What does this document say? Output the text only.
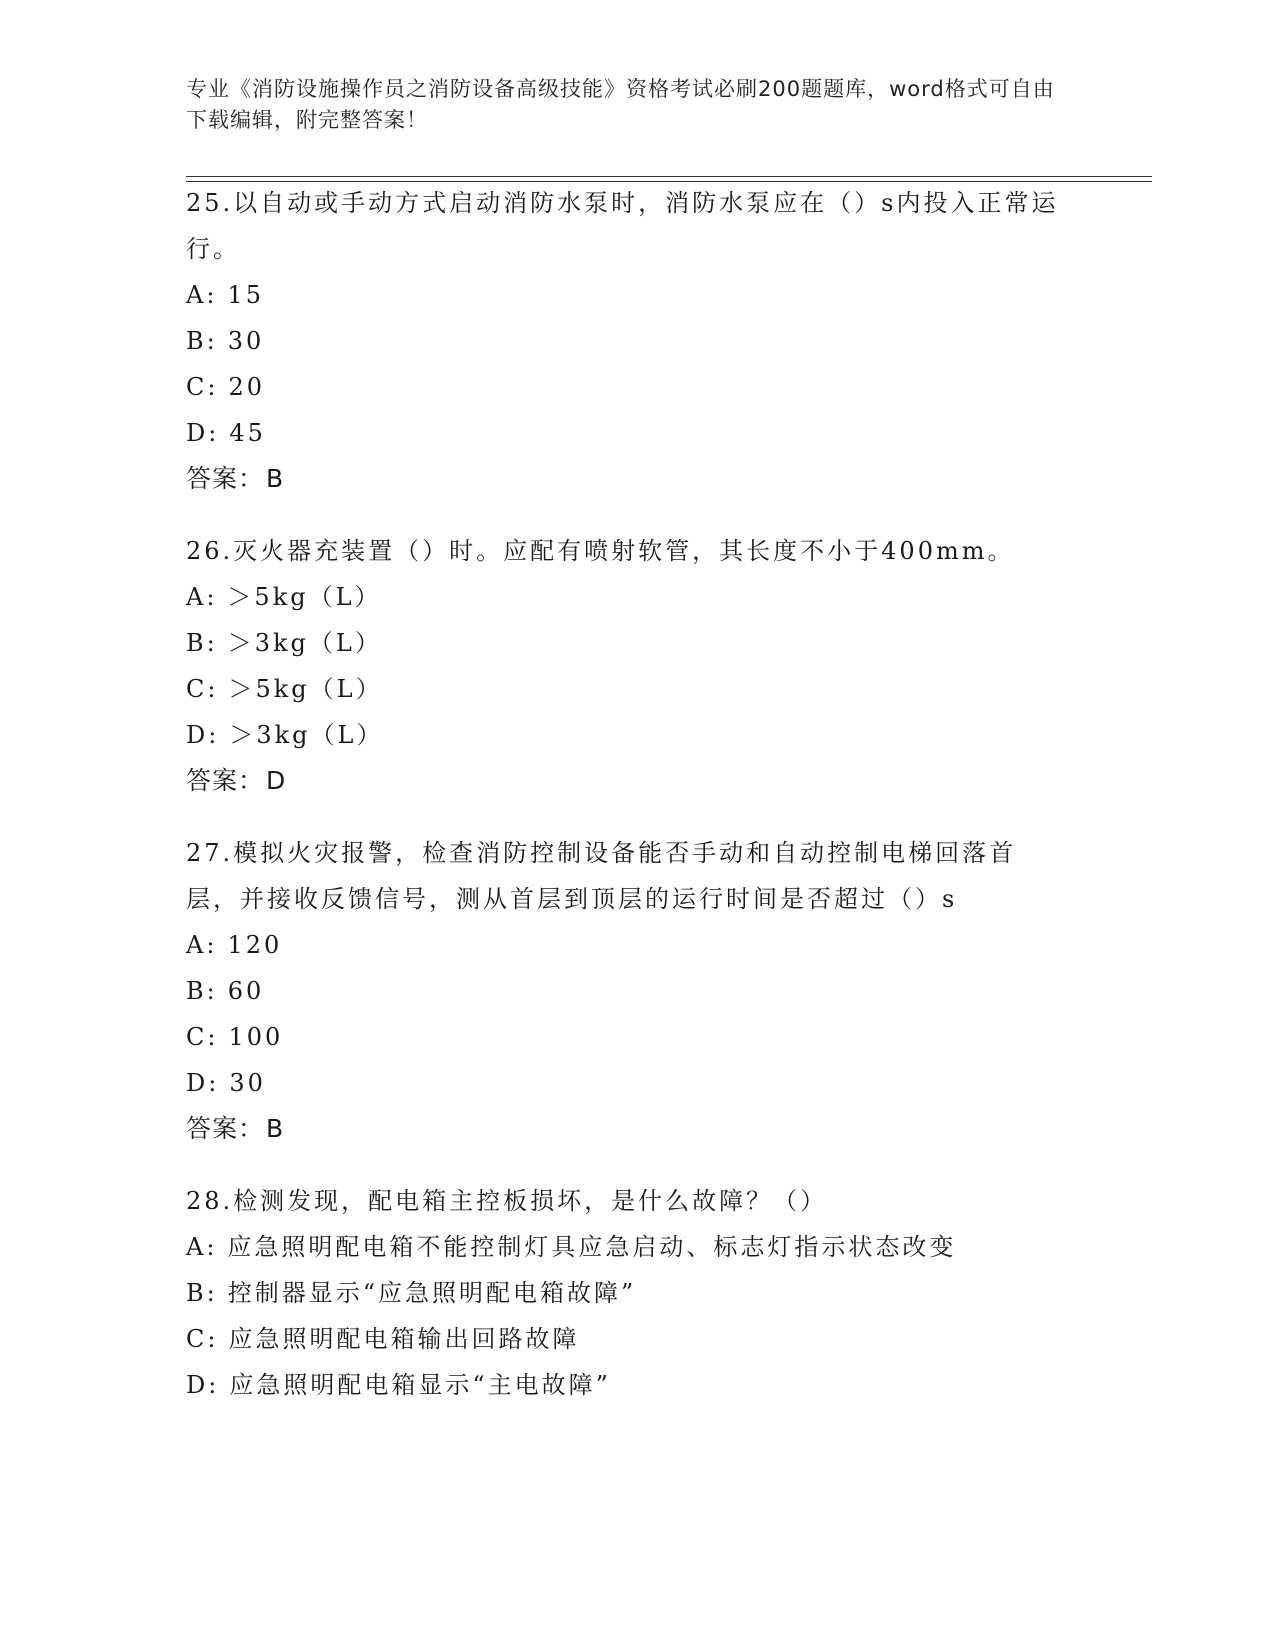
专业《消防设施操作员之消防设备高级技能》资格考试必刷200题题库，word格式可自由下载编辑，附完整答案！

25.以自动或手动方式启动消防水泵时，消防水泵应在（）s内投入正常运行。

A: 15

B: 30

C: 20

D: 45

答案：B

26.灭火器充装置（）时。应配有喷射软管，其长度不小于400mm。

A: ＞5kg（L）

B: ＞3kg（L）

C: ＞5kg（L）

D: ＞3kg（L）

答案：D

27.模拟火灾报警，检查消防控制设备能否手动和自动控制电梯回落首层，并接收反馈信号，测从首层到顶层的运行时间是否超过（）s

A: 120

B: 60

C: 100

D: 30

答案：B

28.检测发现，配电箱主控板损坏，是什么故障？（）

A: 应急照明配电箱不能控制灯具应急启动、标志灯指示状态改变

B: 控制器显示“应急照明配电箱故障”

C: 应急照明配电箱输出回路故障

D: 应急照明配电箱显示“主电故障”
